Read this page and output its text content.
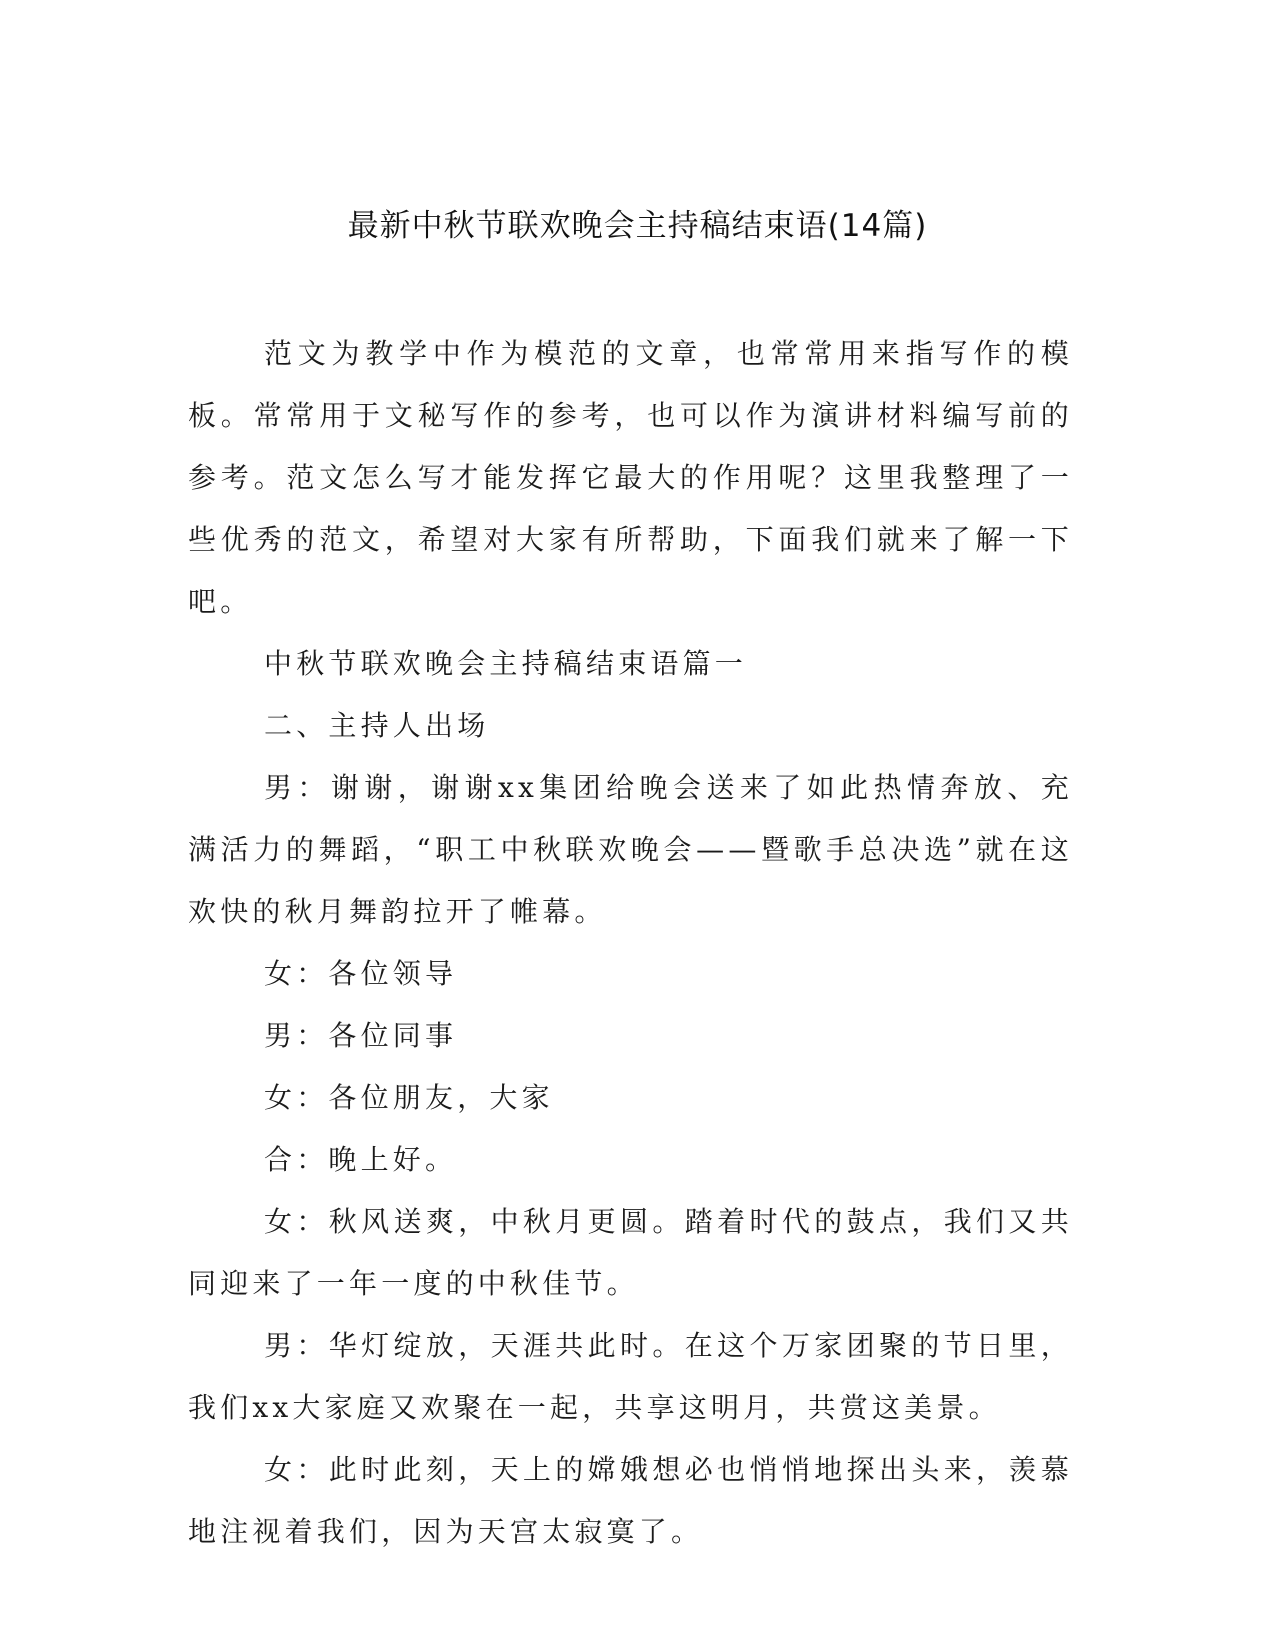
最新中秋节联欢晚会主持稿结束语(14篇)

范文为教学中作为模范的文章，也常常用来指写作的模板。常常用于文秘写作的参考，也可以作为演讲材料编写前的参考。范文怎么写才能发挥它最大的作用呢？这里我整理了一些优秀的范文，希望对大家有所帮助，下面我们就来了解一下吧。

中秋节联欢晚会主持稿结束语篇一

二、主持人出场

男：谢谢，谢谢xx集团给晚会送来了如此热情奔放、充满活力的舞蹈，“职工中秋联欢晚会——暨歌手总决选”就在这欢快的秋月舞韵拉开了帷幕。

女：各位领导

男：各位同事

女：各位朋友，大家

合：晚上好。

女：秋风送爽，中秋月更圆。踏着时代的鼓点，我们又共同迎来了一年一度的中秋佳节。

男：华灯绽放，天涯共此时。在这个万家团聚的节日里，我们xx大家庭又欢聚在一起，共享这明月，共赏这美景。

女：此时此刻，天上的嫦娥想必也悄悄地探出头来，羡慕地注视着我们，因为天宫太寂寞了。
